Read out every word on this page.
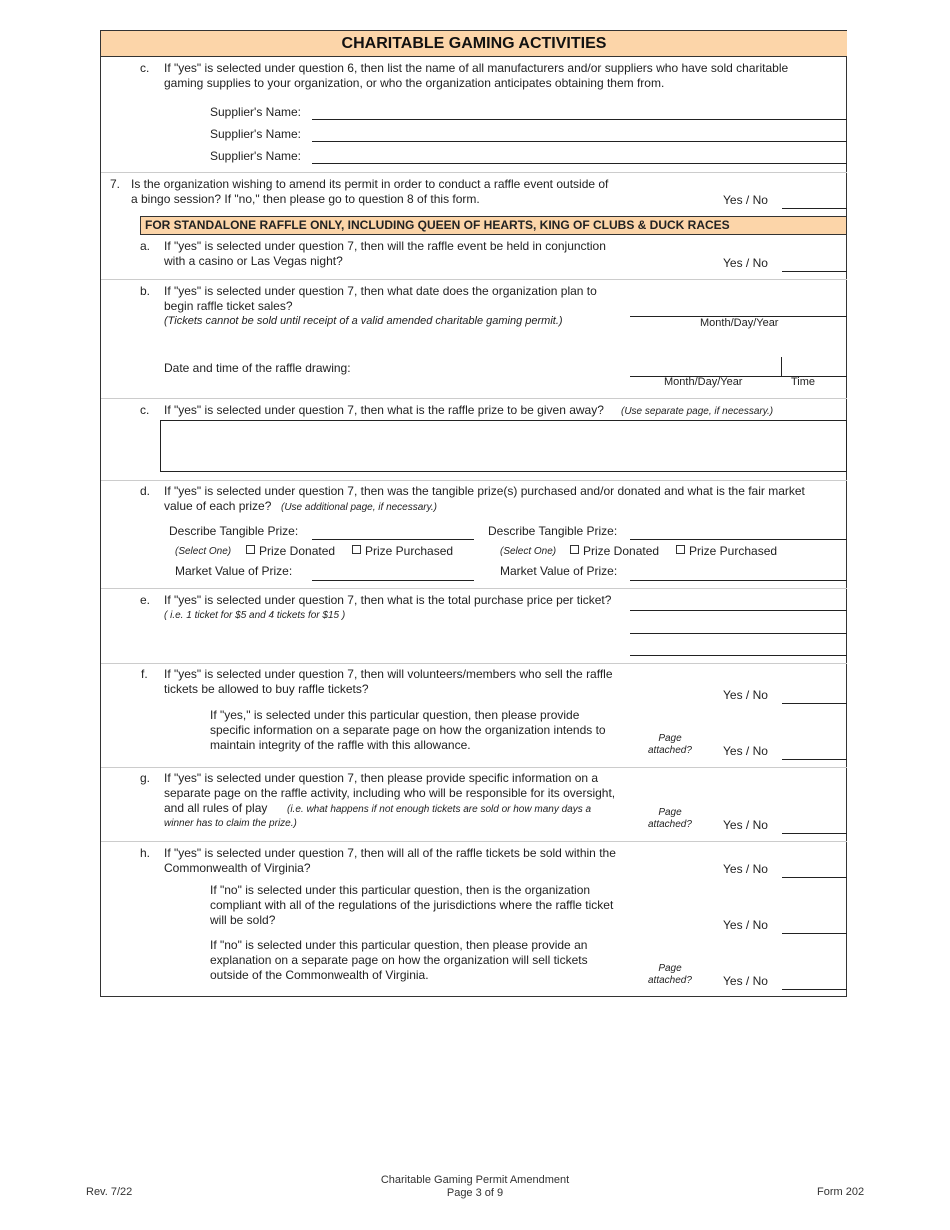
CHARITABLE GAMING ACTIVITIES
c. If "yes" is selected under question 6, then list the name of all manufacturers and/or suppliers who have sold charitable
gaming supplies to your organization, or who the organization anticipates obtaining them from.
Supplier's Name:
Supplier's Name:
Supplier's Name:
7. Is the organization wishing to amend its permit in order to conduct a raffle event outside of
a bingo session? If "no," then please go to question 8 of this form.	Yes / No
FOR STANDALONE RAFFLE ONLY, INCLUDING QUEEN OF HEARTS, KING OF CLUBS & DUCK RACES
a. If "yes" is selected under question 7, then will the raffle event be held in conjunction
with a casino or Las Vegas night?	Yes / No
b. If "yes" is selected under question 7, then what date does the organization plan to
begin raffle ticket sales?
(Tickets cannot be sold until receipt of a valid amended charitable gaming permit.)	Month/Day/Year
Date and time of the raffle drawing:
Month/Day/Year	Time
c. If "yes" is selected under question 7, then what is the raffle prize to be given away? (Use separate page, if necessary.)
d. If "yes" is selected under question 7, then was the tangible prize(s) purchased and/or donated and what is the fair market
value of each prize? (Use additional page, if necessary.)
Describe Tangible Prize:	Describe Tangible Prize:
(Select One)	Prize Donated	Prize Purchased	(Select One)	Prize Donated	Prize Purchased
Market Value of Prize:	Market Value of Prize:
e. If "yes" is selected under question 7, then what is the total purchase price per ticket?
( i.e. 1 ticket for $5 and 4 tickets for $15 )
f. If "yes" is selected under question 7, then will volunteers/members who sell the raffle
tickets be allowed to buy raffle tickets?	Yes / No
If "yes," is selected under this particular question, then please provide
specific information on a separate page on how the organization intends to
maintain integrity of the raffle with this allowance.	Page
attached?	Yes / No
g. If "yes" is selected under question 7, then please provide specific information on a
separate page on the raffle activity, including who will be responsible for its oversight,
and all rules of play (i.e. what happens if not enough tickets are sold or how many days a
winner has to claim the prize.)
Page
attached?	Yes / No
h. If "yes" is selected under question 7, then will all of the raffle tickets be sold within the
Commonwealth of Virginia?	Yes / No
If "no" is selected under this particular question, then is the organization
compliant with all of the regulations of the jurisdictions where the raffle ticket
will be sold?	Yes / No
If "no" is selected under this particular question, then please provide an
explanation on a separate page on how the organization will sell tickets
outside of the Commonwealth of Virginia.	Page
attached?	Yes / No
Rev. 7/22
Charitable Gaming Permit Amendment
Page 3 of 9	Form 202
